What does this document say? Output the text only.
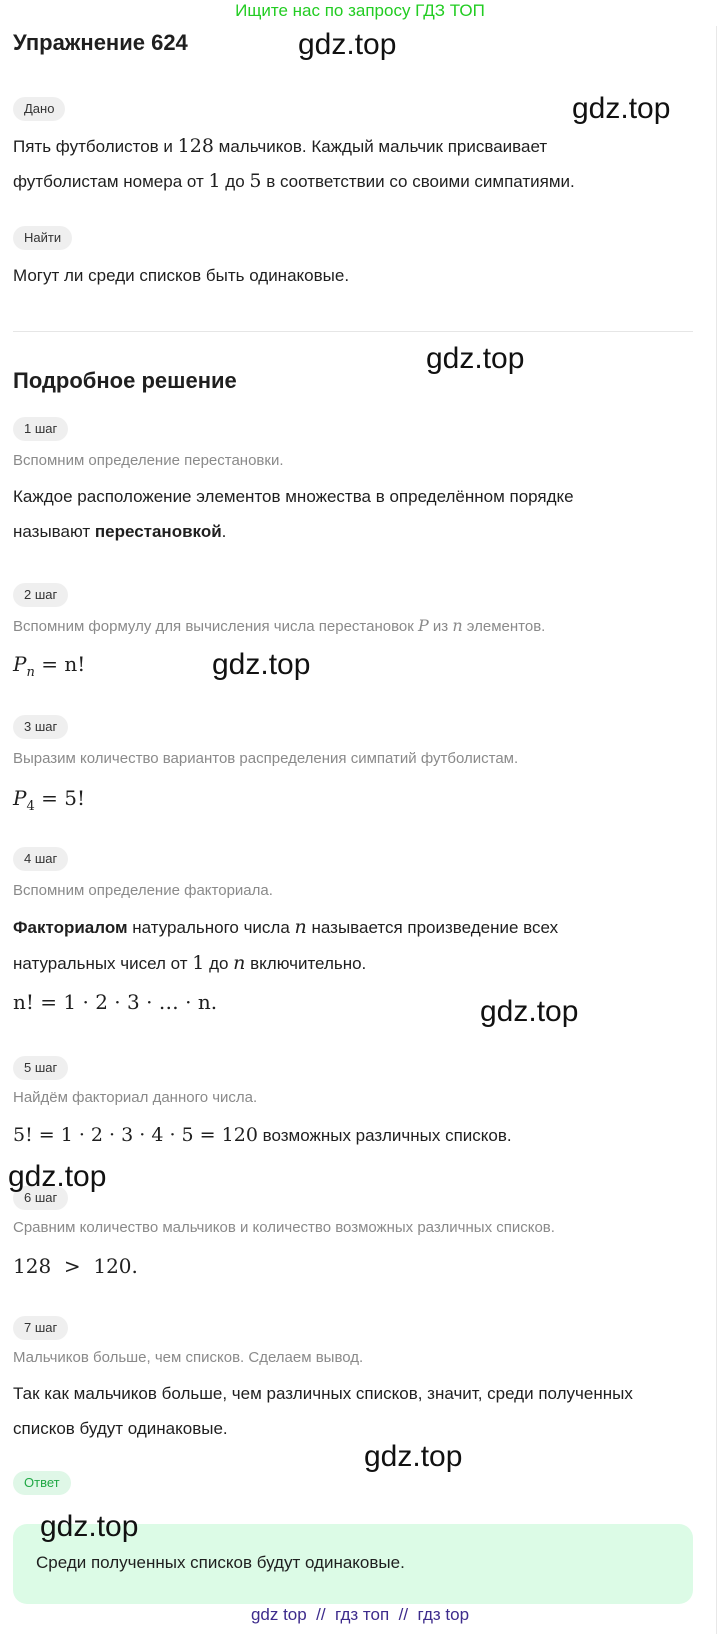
Ищите нас по запросу ГДЗ ТОП
Упражнение 624
Дано
Пять футболистов и 128 мальчиков. Каждый мальчик присваивает
футболистам номера от 1 до 5 в соответствии со своими симпатиями.
Найти
Могут ли среди списков быть одинаковые.
Подробное решение
1 шаг
Вспомним определение перестановки.
Каждое расположение элементов множества в определённом порядке
называют перестановкой.
2 шаг
Вспомним формулу для вычисления числа перестановок P из n элементов.
$P_n = n$!
3 шаг
Выразим количество вариантов распределения симпатий футболистам.
$P_4 = 5$!
4 шаг
Вспомним определение факториала.
Факториалом натурального числа n называется произведение всех
натуральных чисел от 1 до n включительно.
n! = 1 · 2 · 3 · … · n.
5 шаг
Найдём факториал данного числа.
5! = 1 · 2 · 3 · 4 · 5 = 120 возможных различных списков.
6 шаг
Сравним количество мальчиков и количество возможных различных списков.
128  >  120.
7 шаг
Мальчиков больше, чем списков. Сделаем вывод.
Так как мальчиков больше, чем различных списков, значит, среди полученных
списков будут одинаковые.
Ответ
Среди полученных списков будут одинаковые.
gdz.top
gdz.top
gdz.top
gdz.top
gdz.top
gdz.top
gdz.top
gdz.top
gdz top  //  гдз топ  //  гдз top
